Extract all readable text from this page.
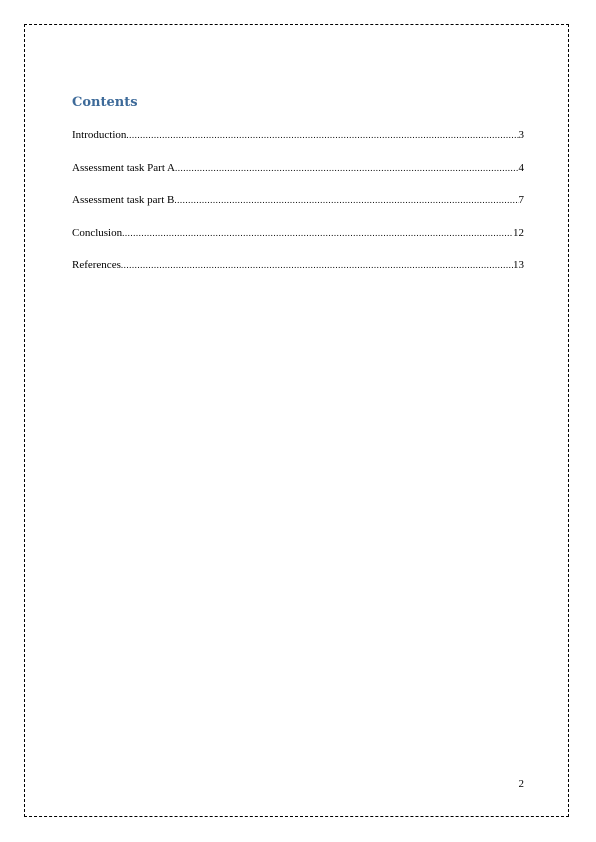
Contents
Introduction .....	3
Assessment task Part A .....	4
Assessment task part B .....	7
Conclusion .....	12
References .....	13
2
